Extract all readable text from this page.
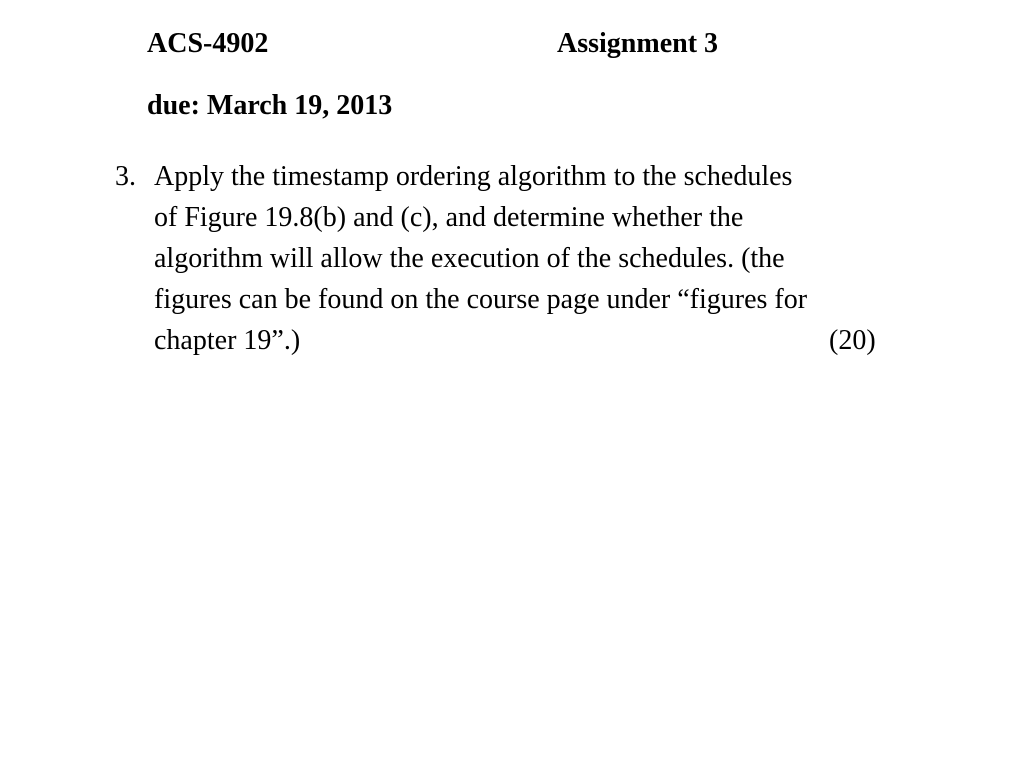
ACS-4902	Assignment 3
due: March 19, 2013
3. Apply the timestamp ordering algorithm to the schedules
of Figure 19.8(b) and (c), and determine whether the
algorithm will allow the execution of the schedules. (the
figures can be found on the course page under “figures for
chapter 19”.)	(20)
